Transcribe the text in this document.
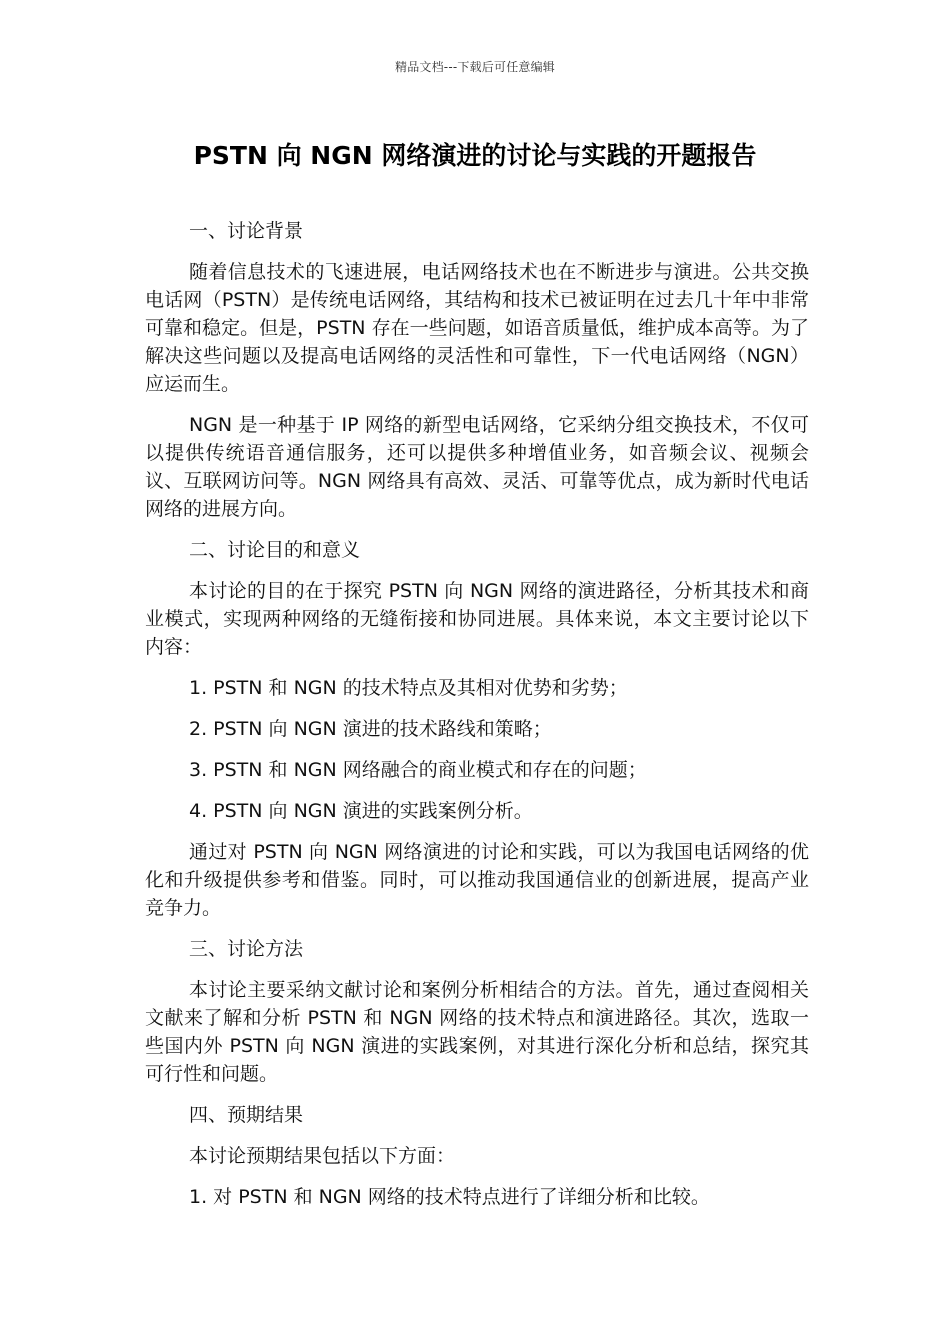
精品文档---下载后可任意编辑
PSTN 向 NGN 网络演进的讨论与实践的开题报告

一、讨论背景

随着信息技术的飞速进展，电话网络技术也在不断进步与演进。公共交换电话网（PSTN）是传统电话网络，其结构和技术已被证明在过去几十年中非常可靠和稳定。但是，PSTN 存在一些问题，如语音质量低，维护成本高等。为了解决这些问题以及提高电话网络的灵活性和可靠性，下一代电话网络（NGN）应运而生。

NGN 是一种基于 IP 网络的新型电话网络，它采纳分组交换技术，不仅可以提供传统语音通信服务，还可以提供多种增值业务，如音频会议、视频会议、互联网访问等。NGN 网络具有高效、灵活、可靠等优点，成为新时代电话网络的进展方向。

二、讨论目的和意义

本讨论的目的在于探究 PSTN 向 NGN 网络的演进路径，分析其技术和商业模式，实现两种网络的无缝衔接和协同进展。具体来说，本文主要讨论以下内容：

1. PSTN 和 NGN 的技术特点及其相对优势和劣势；

2. PSTN 向 NGN 演进的技术路线和策略；

3. PSTN 和 NGN 网络融合的商业模式和存在的问题；

4. PSTN 向 NGN 演进的实践案例分析。

通过对 PSTN 向 NGN 网络演进的讨论和实践，可以为我国电话网络的优化和升级提供参考和借鉴。同时，可以推动我国通信业的创新进展，提高产业竞争力。

三、讨论方法

本讨论主要采纳文献讨论和案例分析相结合的方法。首先，通过查阅相关文献来了解和分析 PSTN 和 NGN 网络的技术特点和演进路径。其次，选取一些国内外 PSTN 向 NGN 演进的实践案例，对其进行深化分析和总结，探究其可行性和问题。

四、预期结果

本讨论预期结果包括以下方面：

1. 对 PSTN 和 NGN 网络的技术特点进行了详细分析和比较。
